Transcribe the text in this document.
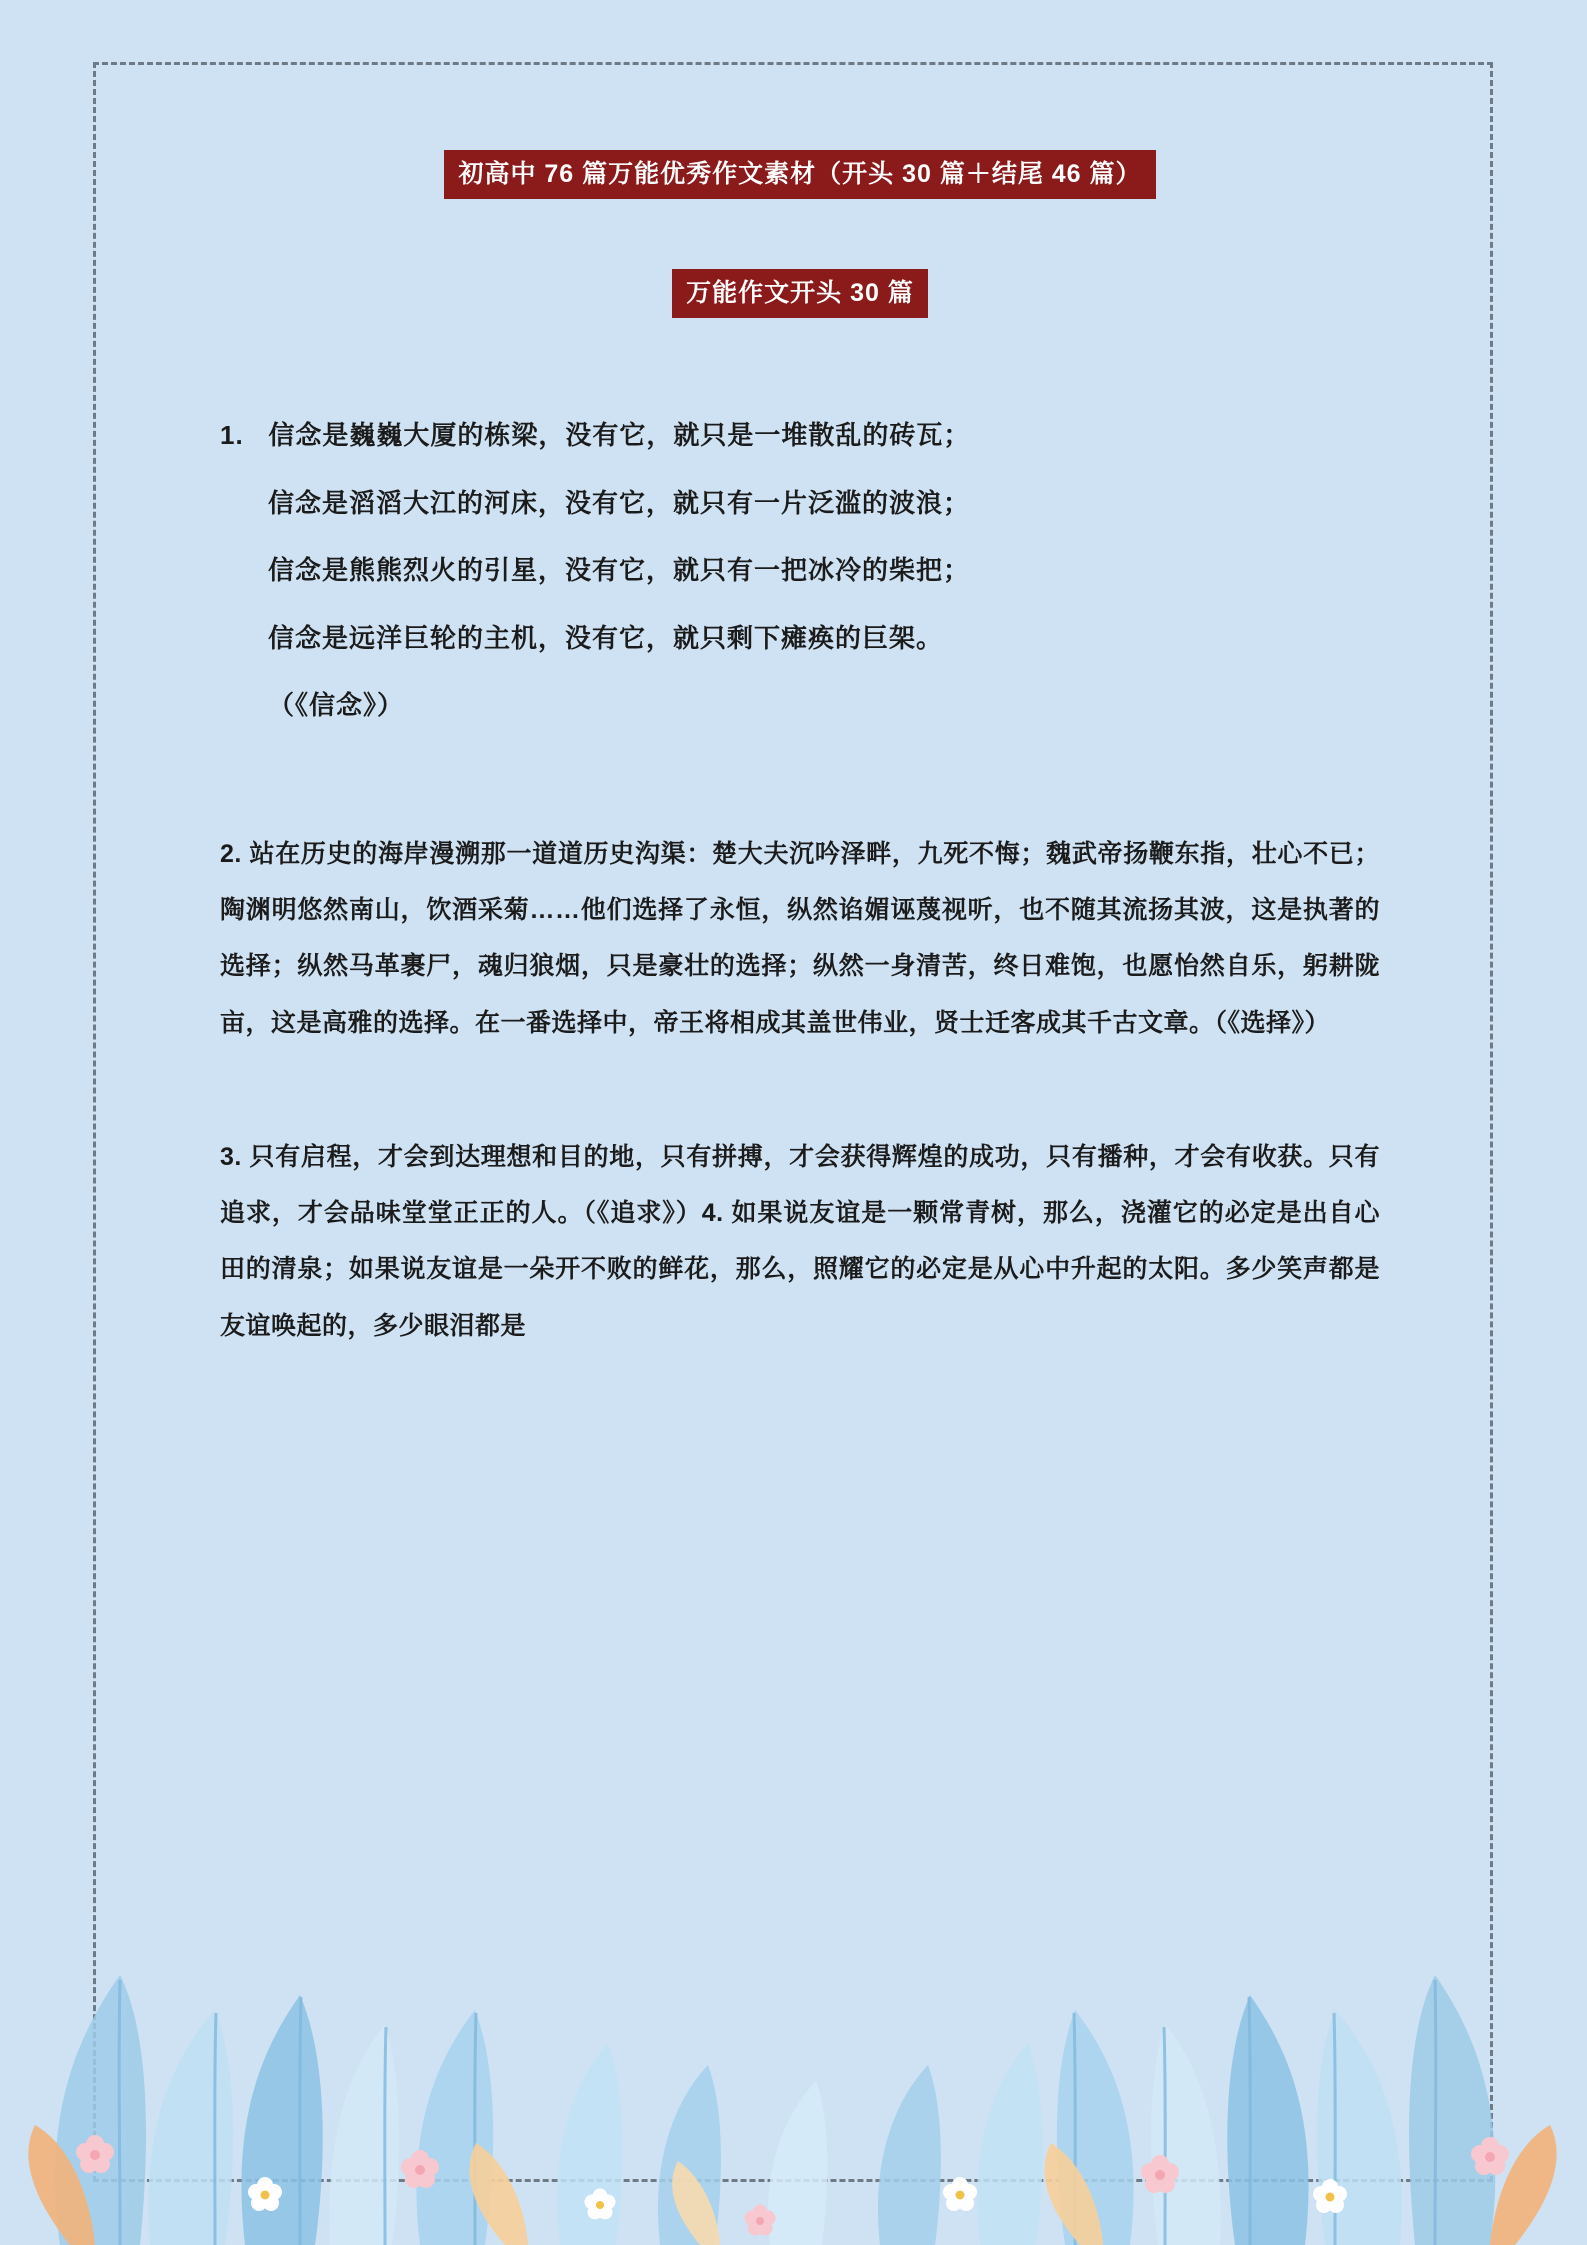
初高中 76 篇万能优秀作文素材（开头 30 篇＋结尾 46 篇）
万能作文开头 30 篇
1. 信念是巍巍大厦的栋梁，没有它，就只是一堆散乱的砖瓦；
信念是滔滔大江的河床，没有它，就只有一片泛滥的波浪；
信念是熊熊烈火的引星，没有它，就只有一把冰冷的柴把；
信念是远洋巨轮的主机，没有它，就只剩下瘫痪的巨架。
（《信念》）
2. 站在历史的海岸漫溯那一道道历史沟渠：楚大夫沉吟泽畔，九死不悔；魏武帝扬鞭东指，壮心不已；陶渊明悠然南山，饮酒采菊……他们选择了永恒，纵然谄媚诬蔑视听，也不随其流扬其波，这是执著的选择；纵然马革裹尸，魂归狼烟，只是豪壮的选择；纵然一身清苦，终日难饱，也愿怡然自乐，躬耕陇亩，这是高雅的选择。在一番选择中，帝王将相成其盖世伟业，贤士迁客成其千古文章。（《选择》）
3. 只有启程，才会到达理想和目的地，只有拼搏，才会获得辉煌的成功，只有播种，才会有收获。只有追求，才会品味堂堂正正的人。（《追求》）4. 如果说友谊是一颗常青树，那么，浇灌它的必定是出自心田的清泉；如果说友谊是一朵开不败的鲜花，那么，照耀它的必定是从心中升起的太阳。多少笑声都是友谊唤起的，多少眼泪都是
